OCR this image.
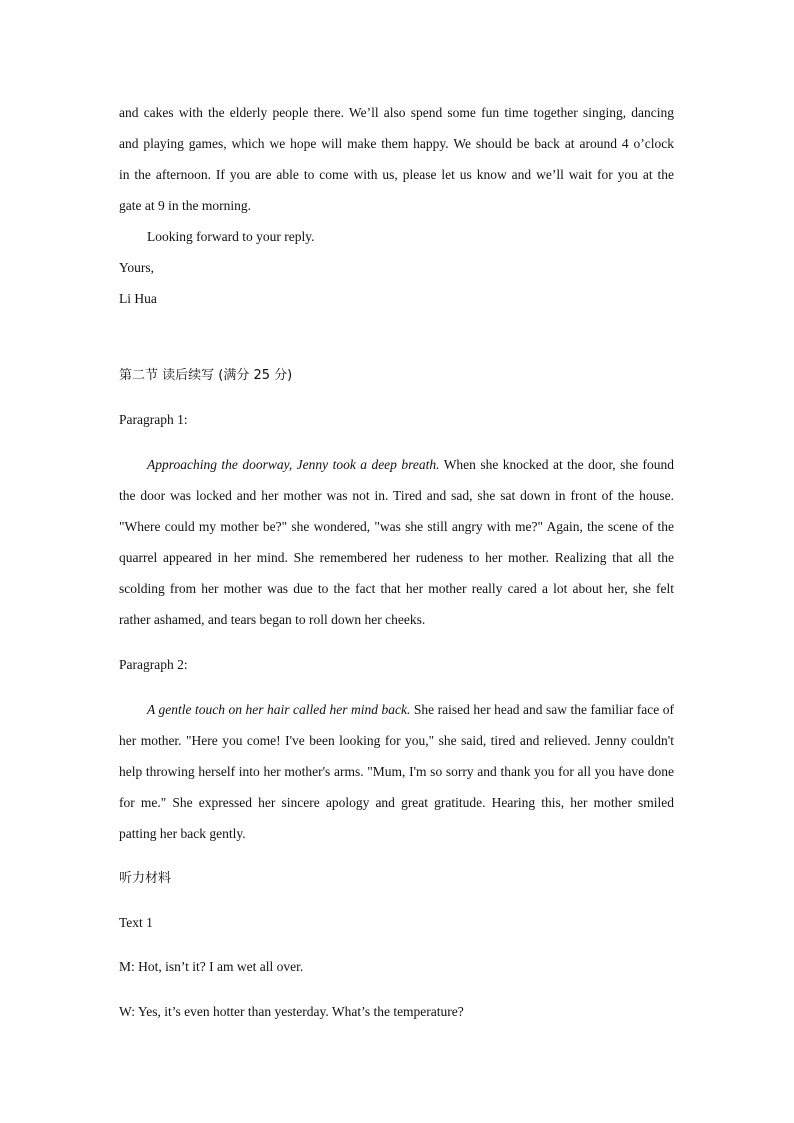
and cakes with the elderly people there. We’ll also spend some fun time together singing, dancing

and playing games, which we hope will make them happy. We should be back at around 4 o’clock

in the afternoon. If you are able to come with us, please let us know and we’ll wait for you at the

gate at 9 in the morning.

Looking forward to your reply.

Yours,

Li Hua

第二节 读后续写 (满分 25 分)

Paragraph 1:

Approaching the doorway, Jenny took a deep breath. When she knocked at the door, she found the door was locked and her mother was not in. Tired and sad, she sat down in front of the house. "Where could my mother be?" she wondered, "was she still angry with me?" Again, the scene of the quarrel appeared in her mind. She remembered her rudeness to her mother. Realizing that all the scolding from her mother was due to the fact that her mother really cared a lot about her, she felt rather ashamed, and tears began to roll down her cheeks.

Paragraph 2:

A gentle touch on her hair called her mind back. She raised her head and saw the familiar face of her mother. "Here you come! I've been looking for you," she said, tired and relieved. Jenny couldn't help throwing herself into her mother's arms. "Mum, I'm so sorry and thank you for all you have done for me." She expressed her sincere apology and great gratitude. Hearing this, her mother smiled patting her back gently.

听力材料

Text 1

M: Hot, isn’t it? I am wet all over.

W: Yes, it’s even hotter than yesterday. What’s the temperature?
